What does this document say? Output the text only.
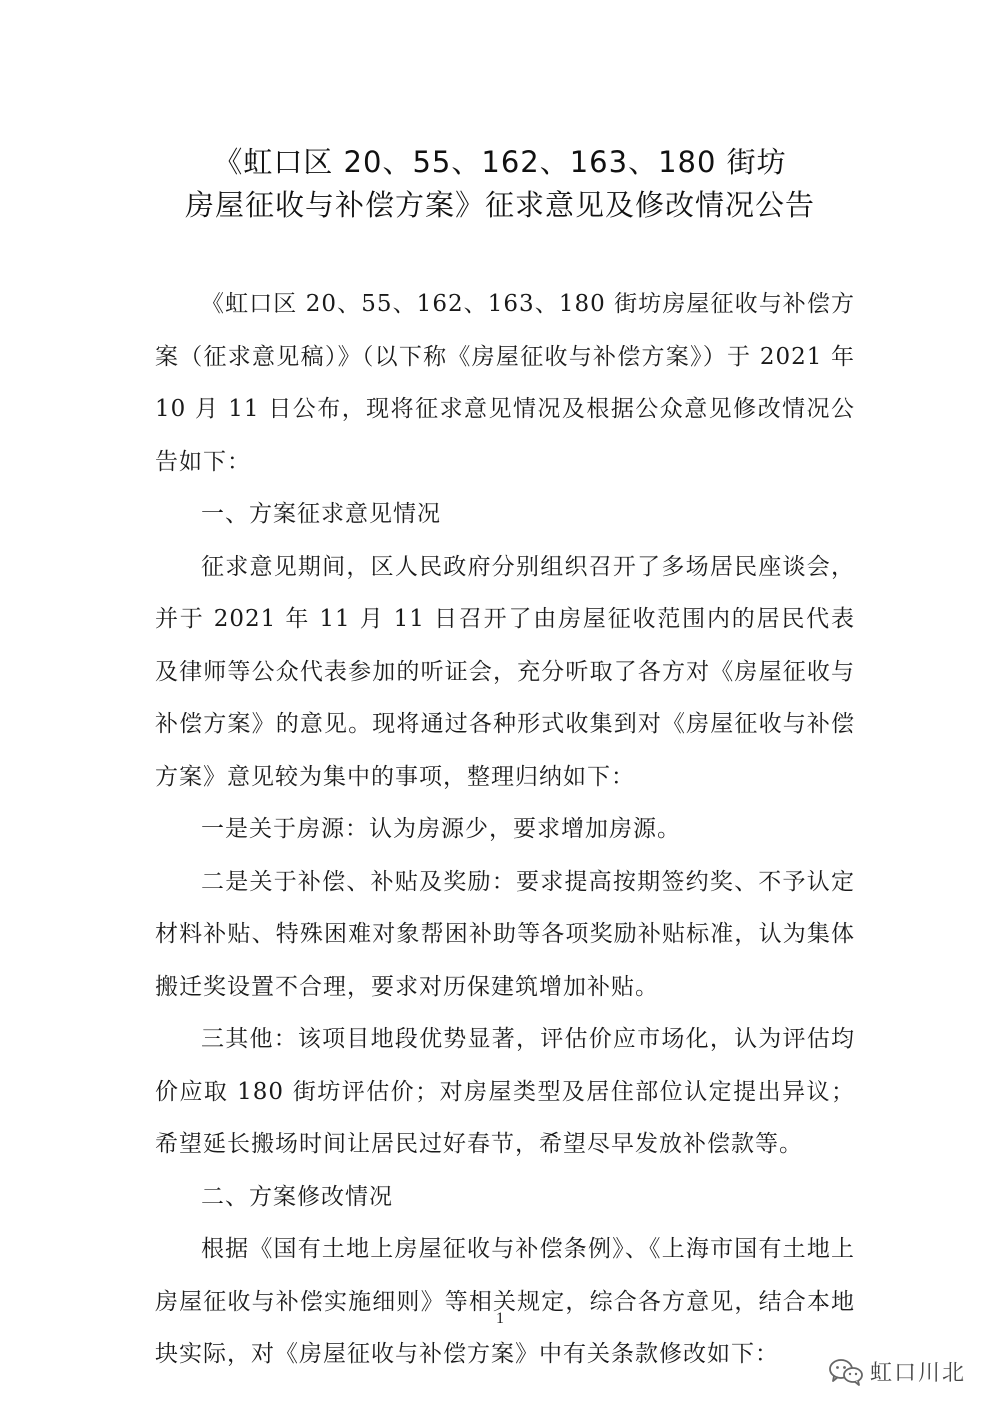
《虹口区 20、55、162、163、180 街坊
房屋征收与补偿方案》征求意见及修改情况公告

《虹口区 20、55、162、163、180 街坊房屋征收与补偿方案（征求意见稿）》（以下称《房屋征收与补偿方案》）于 2021 年 10 月 11 日公布，现将征求意见情况及根据公众意见修改情况公告如下：

一、方案征求意见情况

征求意见期间，区人民政府分别组织召开了多场居民座谈会，并于 2021 年 11 月 11 日召开了由房屋征收范围内的居民代表及律师等公众代表参加的听证会，充分听取了各方对《房屋征收与补偿方案》的意见。现将通过各种形式收集到对《房屋征收与补偿方案》意见较为集中的事项，整理归纳如下：

一是关于房源：认为房源少，要求增加房源。

二是关于补偿、补贴及奖励：要求提高按期签约奖、不予认定材料补贴、特殊困难对象帮困补助等各项奖励补贴标准，认为集体搬迁奖设置不合理，要求对历保建筑增加补贴。

三其他：该项目地段优势显著，评估价应市场化，认为评估均价应取 180 街坊评估价；对房屋类型及居住部位认定提出异议；希望延长搬场时间让居民过好春节，希望尽早发放补偿款等。

二、方案修改情况

根据《国有土地上房屋征收与补偿条例》、《上海市国有土地上房屋征收与补偿实施细则》等相关规定，综合各方意见，结合本地块实际，对《房屋征收与补偿方案》中有关条款修改如下：

1
虹口川北
